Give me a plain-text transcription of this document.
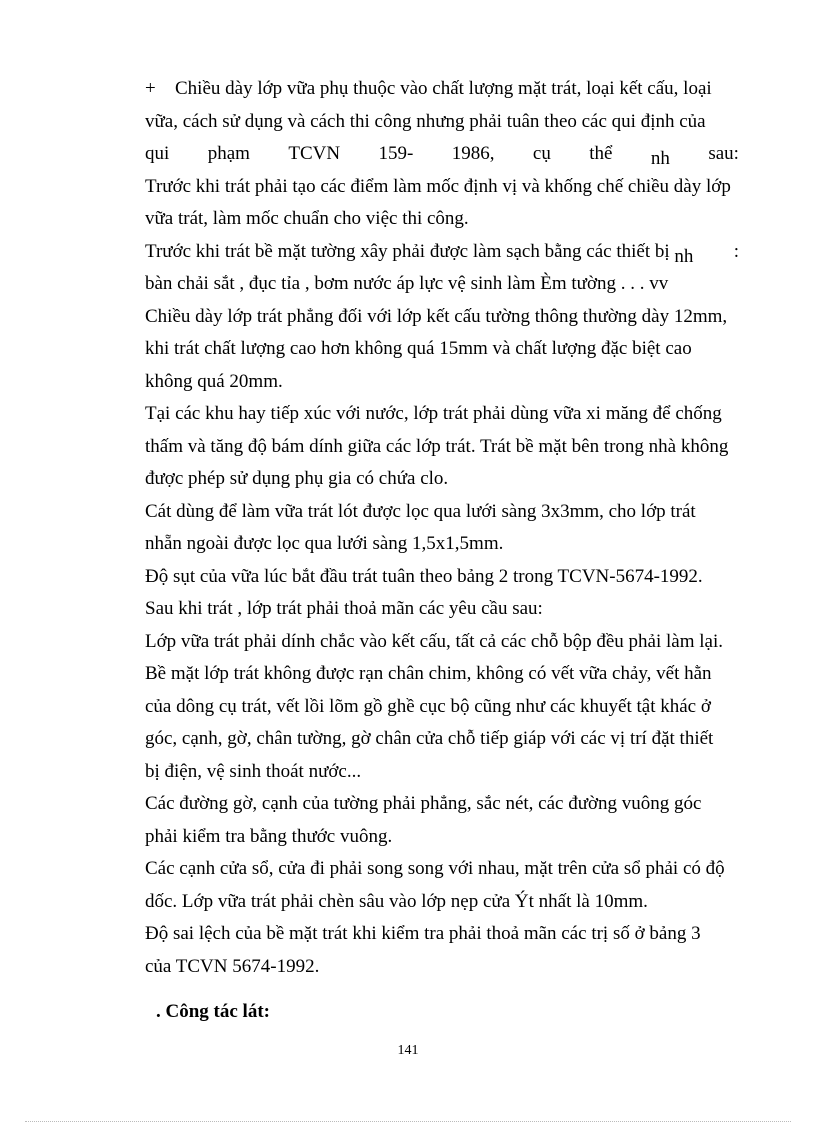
+ Chiều dày lớp vữa phụ thuộc vào chất lượng mặt trát, loại kết cấu, loại
vữa, cách sử dụng và cách thi công nhưng phải tuân theo các qui định của
qui phạm TCVN 159- 1986, cụ thể nh sau:
Trước khi trát phải tạo các điểm làm mốc định vị và khống chế chiều dày lớp
vữa trát, làm mốc chuẩn cho việc thi công.
Trước khi trát bề mặt tường xây phải được làm sạch bằng các thiết bị nh :
bàn chải sắt , đục tỉa , bơm nước áp lực vệ sinh làm Èm tường . . . vv
Chiều dày lớp trát phẳng đối với lớp kết cấu tường thông thường dày 12mm,
khi trát chất lượng cao hơn không quá 15mm và chất lượng đặc biệt cao
không quá 20mm.
Tại các khu hay tiếp xúc với nước, lớp trát phải dùng vữa xi măng để chống
thấm và tăng độ bám dính giữa các lớp trát. Trát bề mặt bên trong nhà không
được phép sử dụng phụ gia có chứa clo.
Cát dùng để làm vữa trát lót được lọc qua lưới sàng 3x3mm, cho lớp trát
nhẵn ngoài được lọc qua lưới sàng 1,5x1,5mm.
Độ sụt của vữa lúc bắt đầu trát tuân theo bảng 2 trong TCVN-5674-1992.
Sau khi trát , lớp trát phải thoả mãn các yêu cầu sau:
Lớp vữa trát phải dính chắc vào kết cấu, tất cả các chỗ bộp đều phải làm lại.
Bề mặt lớp trát không được rạn chân chim, không có vết vữa chảy, vết hằn
của dông cụ trát, vết lồi lõm gồ ghề cục bộ cũng như các khuyết tật khác ở
góc, cạnh, gờ, chân tường, gờ chân cửa chỗ tiếp giáp với các vị trí đặt thiết
bị điện, vệ sinh thoát nước...
Các đường gờ, cạnh của tường phải phẳng, sắc nét, các đường vuông góc
phải kiểm tra bằng thước vuông.
Các cạnh cửa sổ, cửa đi phải song song với nhau, mặt trên cửa sổ phải có độ
dốc. Lớp vữa trát phải chèn sâu vào lớp nẹp cửa Ýt nhất là 10mm.
Độ sai lệch của bề mặt trát khi kiểm tra phải thoả mãn các trị số ở bảng 3
của TCVN 5674-1992.
. Công tác lát:
141
